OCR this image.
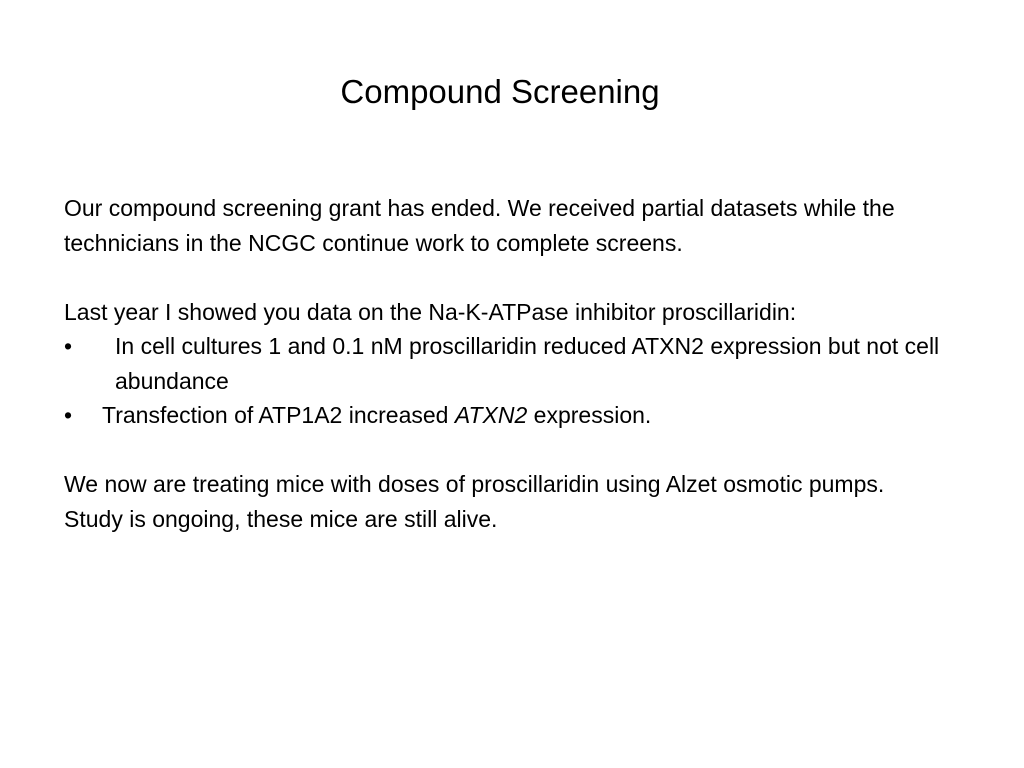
Compound Screening

Our compound screening grant has ended. We received partial datasets while the technicians in the NCGC continue work to complete screens.

Last year I showed you data on the Na-K-ATPase inhibitor proscillaridin:

• In cell cultures 1 and 0.1 nM proscillaridin reduced ATXN2 expression but not cell abundance

• Transfection of ATP1A2 increased ATXN2 expression.

We now are treating mice with doses of proscillaridin using Alzet osmotic pumps. Study is ongoing, these mice are still alive.
